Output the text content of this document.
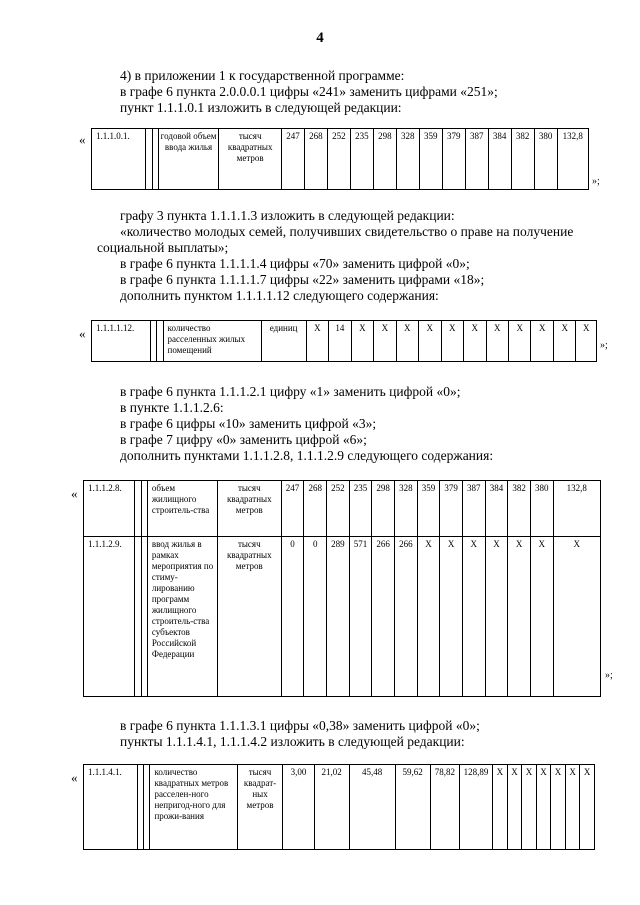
4
4) в приложении 1 к государственной программе:
в графе 6 пункта 2.0.0.0.1 цифры «241» заменить цифрами «251»;
пункт 1.1.1.0.1 изложить в следующей редакции:
« 1.1.1.0.1.			годовой объем ввода жилья	тысяч квадратных метров	247	268	252	235	298	328	359	379	387	384	382	380	132,8
»;
графу 3 пункта 1.1.1.1.3 изложить в следующей редакции:
«количество молодых семей, получивших свидетельство о праве на получение
социальной выплаты»;
в графе 6 пункта 1.1.1.1.4 цифры «70» заменить цифрой «0»;
в графе 6 пункта 1.1.1.1.7 цифры «22» заменить цифрами «18»;
дополнить пунктом 1.1.1.1.12 следующего содержания:
« 1.1.1.1.12.			количество расселенных жилых помещений	единиц	X	14	X	X	X	X	X	X	X	X	X	X	X
»;
в графе 6 пункта 1.1.1.2.1 цифру «1» заменить цифрой «0»;
в пункте 1.1.1.2.6:
в графе 6 цифры «10» заменить цифрой «3»;
в графе 7 цифру «0» заменить цифрой «6»;
дополнить пунктами 1.1.1.2.8, 1.1.1.2.9 следующего содержания:
« 1.1.1.2.8.			объем жилищного строитель-ства	тысяч квадратных метров	247	268	252	235	298	328	359	379	387	384	382	380	132,8
1.1.1.2.9.			ввод жилья в рамках мероприятия по стиму-лированию программ жилищного строитель-ства субъектов Российской Федерации	тысяч квадратных метров	0	0	289	571	266	266	X	X	X	X	X	X	X
»;
в графе 6 пункта 1.1.1.3.1 цифры «0,38» заменить цифрой «0»;
пункты 1.1.1.4.1, 1.1.1.4.2 изложить в следующей редакции:
« 1.1.1.4.1.			количество квадратных метров расселен-ного непригод-ного для прожи-вания	тысяч квадрат-ных метров	3,00	21,02	45,48	59,62	78,82	128,89	X	X	X	X	X	X	X
